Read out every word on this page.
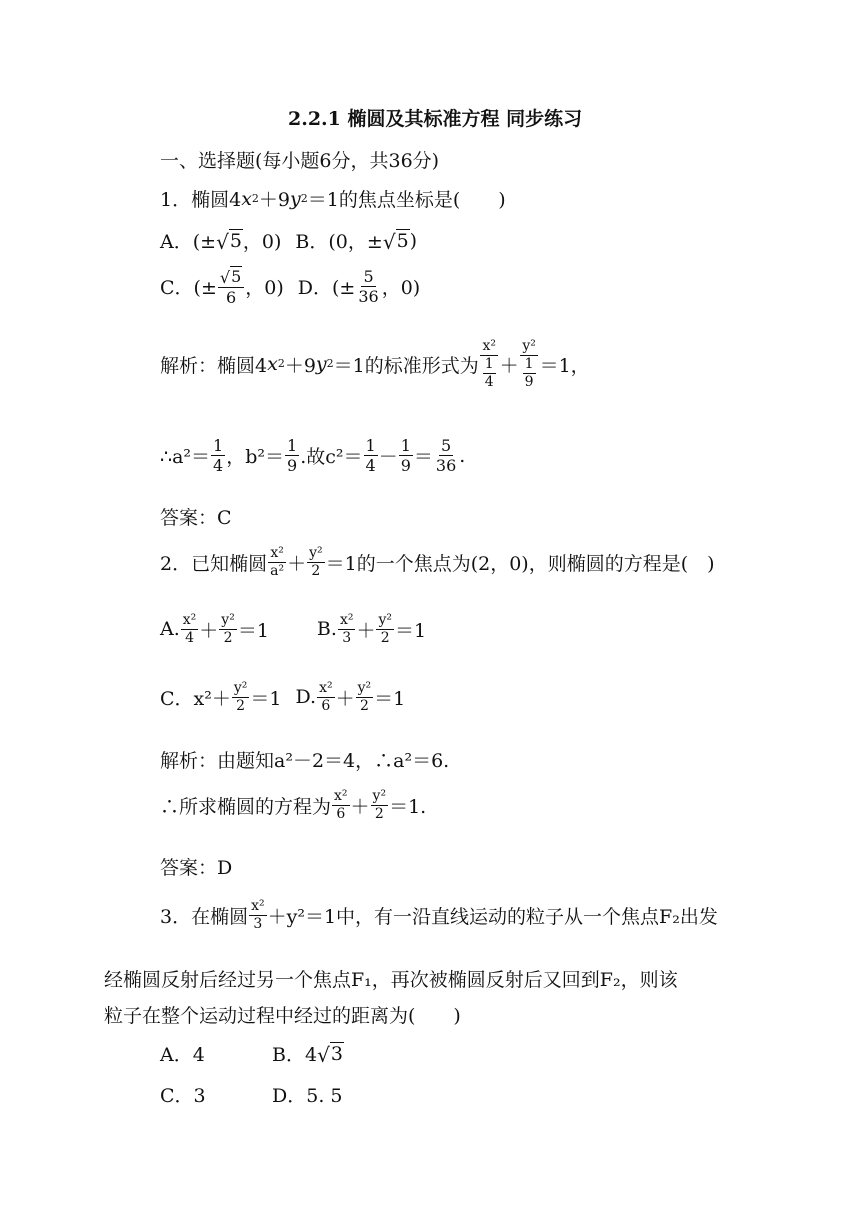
2.2.1 椭圆及其标准方程 同步练习
一、选择题(每小题6分，共36分)
1．椭圆4 x 2 ＋9 y 2 ＝1的焦点坐标是(　　)
A．(± √ 5 ，0) B．(0，± √ 5 )
C．(± $\frac{√ 5}{6}$ ，0) D．(± $\frac{5}{36}$ ，0)
解析：椭圆4 x 2 ＋9 y 2 ＝1的标准形式为 $\frac{\text{x²}}{\frac{1}{4}} + \frac{\text{y²}}{\frac{1}{9}} =1$，
∴a²＝ $\frac{1}{4}$ ，$b^2= \frac{1}{9}$ .故$c^2= \frac{1}{4} - \frac{1}{9} = \frac{5}{36}$ .
答案：C
2．已知椭圆 $\frac{\text{x²}}{\text{a²}} + \frac{\text{y²}}{2} =1$的一个焦点为(2，0)，则椭圆的方程是(　)
A. $\frac{\text{x²}}{4} + \frac{\text{y²}}{2} =1$	B. $\frac{\text{x²}}{3} + \frac{\text{y²}}{2} =1$
C．$x^2+ \frac{\text{y²}}{2} =1$ D. $\frac{\text{x²}}{6} + \frac{\text{y²}}{2} =1$
解析：由题知a²－2＝4，∴a²＝6.
∴所求椭圆的方程为 $\frac{\text{x²}}{6} + \frac{\text{y²}}{2} =1$.
答案：D
3．在椭圆 $\frac{\text{x²}}{3} +y^2=1$中，有一沿直线运动的粒子从一个焦点F₂出发
经椭圆反射后经过另一个焦点F₁，再次被椭圆反射后又回到F₂，则该
粒子在整个运动过程中经过的距离为(　　)
A．4	B．4 √ 3
C．3	D．5. 5
